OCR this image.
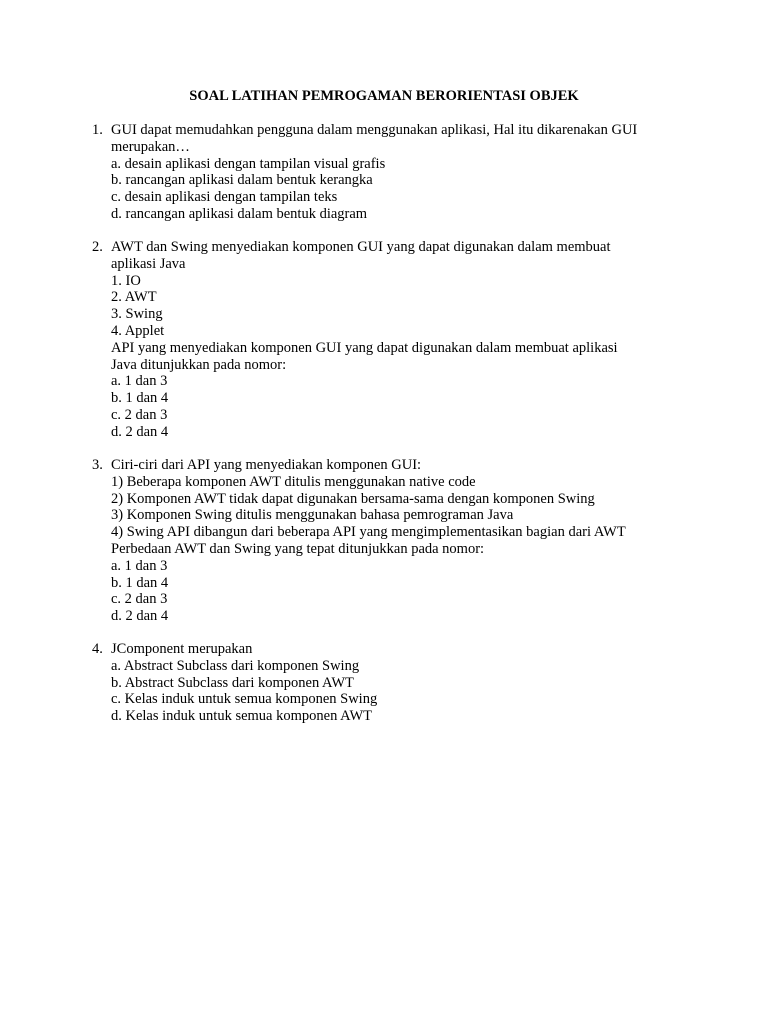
SOAL LATIHAN PEMROGAMAN BERORIENTASI OBJEK
1. GUI dapat memudahkan pengguna dalam menggunakan aplikasi, Hal itu dikarenakan GUI
merupakan…
a. desain aplikasi dengan tampilan visual grafis
b. rancangan aplikasi dalam bentuk kerangka
c. desain aplikasi dengan tampilan teks
d. rancangan aplikasi dalam bentuk diagram
2. AWT dan Swing menyediakan komponen GUI yang dapat digunakan dalam membuat
aplikasi Java
1. IO
2. AWT
3. Swing
4. Applet
API yang menyediakan komponen GUI yang dapat digunakan dalam membuat aplikasi
Java ditunjukkan pada nomor:
a. 1 dan 3
b. 1 dan 4
c. 2 dan 3
d. 2 dan 4
3. Ciri-ciri dari API yang menyediakan komponen GUI:
1) Beberapa komponen AWT ditulis menggunakan native code
2) Komponen AWT tidak dapat digunakan bersama-sama dengan komponen Swing
3) Komponen Swing ditulis menggunakan bahasa pemrograman Java
4) Swing API dibangun dari beberapa API yang mengimplementasikan bagian dari AWT
Perbedaan AWT dan Swing yang tepat ditunjukkan pada nomor:
a. 1 dan 3
b. 1 dan 4
c. 2 dan 3
d. 2 dan 4
4. JComponent merupakan
a. Abstract Subclass dari komponen Swing
b. Abstract Subclass dari komponen AWT
c. Kelas induk untuk semua komponen Swing
d. Kelas induk untuk semua komponen AWT
